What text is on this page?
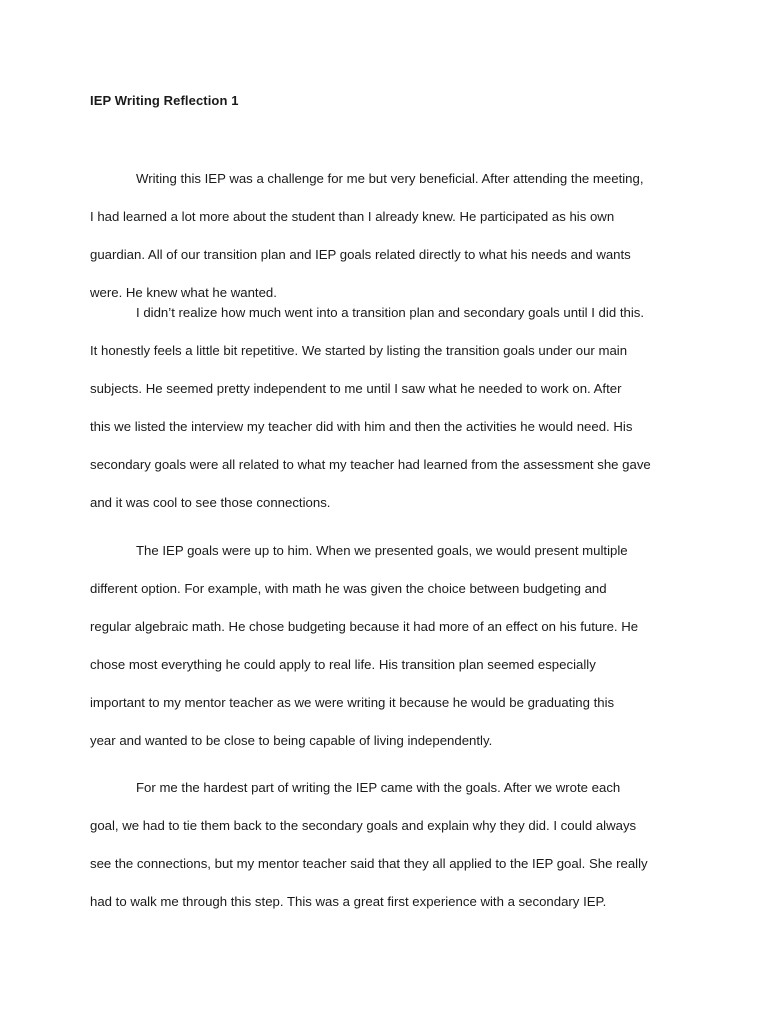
IEP Writing Reflection 1
Writing this IEP was a challenge for me but very beneficial. After attending the meeting,
I had learned a lot more about the student than I already knew. He participated as his own
guardian. All of our transition plan and IEP goals related directly to what his needs and wants
were. He knew what he wanted.
I didn’t realize how much went into a transition plan and secondary goals until I did this.
It honestly feels a little bit repetitive. We started by listing the transition goals under our main
subjects. He seemed pretty independent to me until I saw what he needed to work on. After
this we listed the interview my teacher did with him and then the activities he would need. His
secondary goals were all related to what my teacher had learned from the assessment she gave
and it was cool to see those connections.
The IEP goals were up to him. When we presented goals, we would present multiple
different option. For example, with math he was given the choice between budgeting and
regular algebraic math. He chose budgeting because it had more of an effect on his future. He
chose most everything he could apply to real life. His transition plan seemed especially
important to my mentor teacher as we were writing it because he would be graduating this
year and wanted to be close to being capable of living independently.
For me the hardest part of writing the IEP came with the goals. After we wrote each
goal, we had to tie them back to the secondary goals and explain why they did. I could always
see the connections, but my mentor teacher said that they all applied to the IEP goal. She really
had to walk me through this step. This was a great first experience with a secondary IEP.
